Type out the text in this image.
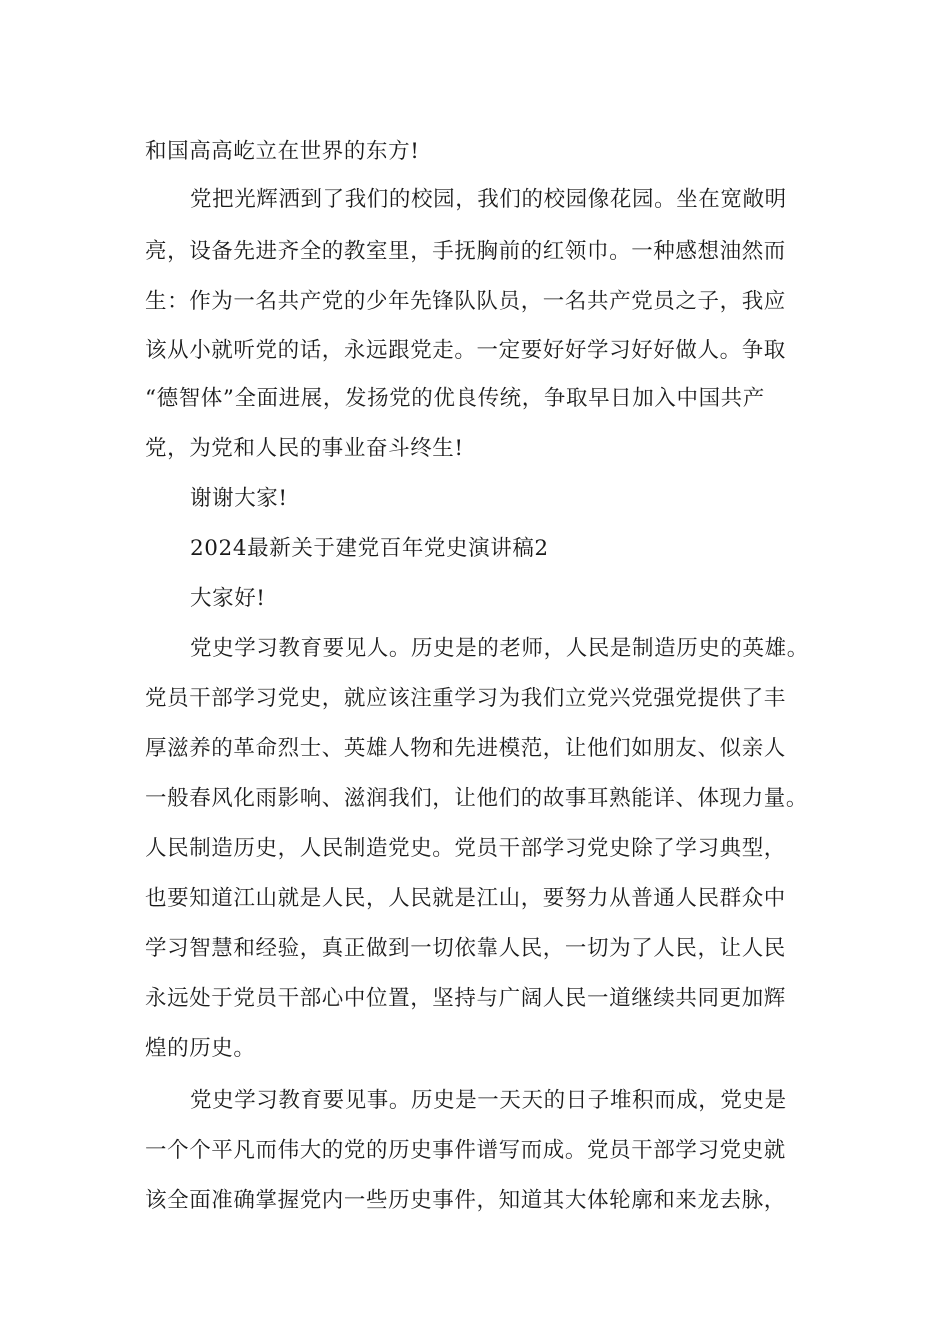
和国高高屹立在世界的东方!
党把光辉洒到了我们的校园，我们的校园像花园。坐在宽敞明
亮，设备先进齐全的教室里，手抚胸前的红领巾。一种感想油然而
生：作为一名共产党的少年先锋队队员，一名共产党员之子，我应
该从小就听党的话，永远跟党走。一定要好好学习好好做人。争取
“德智体”全面进展，发扬党的优良传统，争取早日加入中国共产
党，为党和人民的事业奋斗终生!
谢谢大家!
2024最新关于建党百年党史演讲稿2
大家好!
党史学习教育要见人。历史是的老师，人民是制造历史的英雄。
党员干部学习党史，就应该注重学习为我们立党兴党强党提供了丰
厚滋养的革命烈士、英雄人物和先进模范，让他们如朋友、似亲人
一般春风化雨影响、滋润我们，让他们的故事耳熟能详、体现力量。
人民制造历史，人民制造党史。党员干部学习党史除了学习典型，
也要知道江山就是人民，人民就是江山，要努力从普通人民群众中
学习智慧和经验，真正做到一切依靠人民，一切为了人民，让人民
永远处于党员干部心中位置，坚持与广阔人民一道继续共同更加辉
煌的历史。
党史学习教育要见事。历史是一天天的日子堆积而成，党史是
一个个平凡而伟大的党的历史事件谱写而成。党员干部学习党史就
该全面准确掌握党内一些历史事件，知道其大体轮廓和来龙去脉，
